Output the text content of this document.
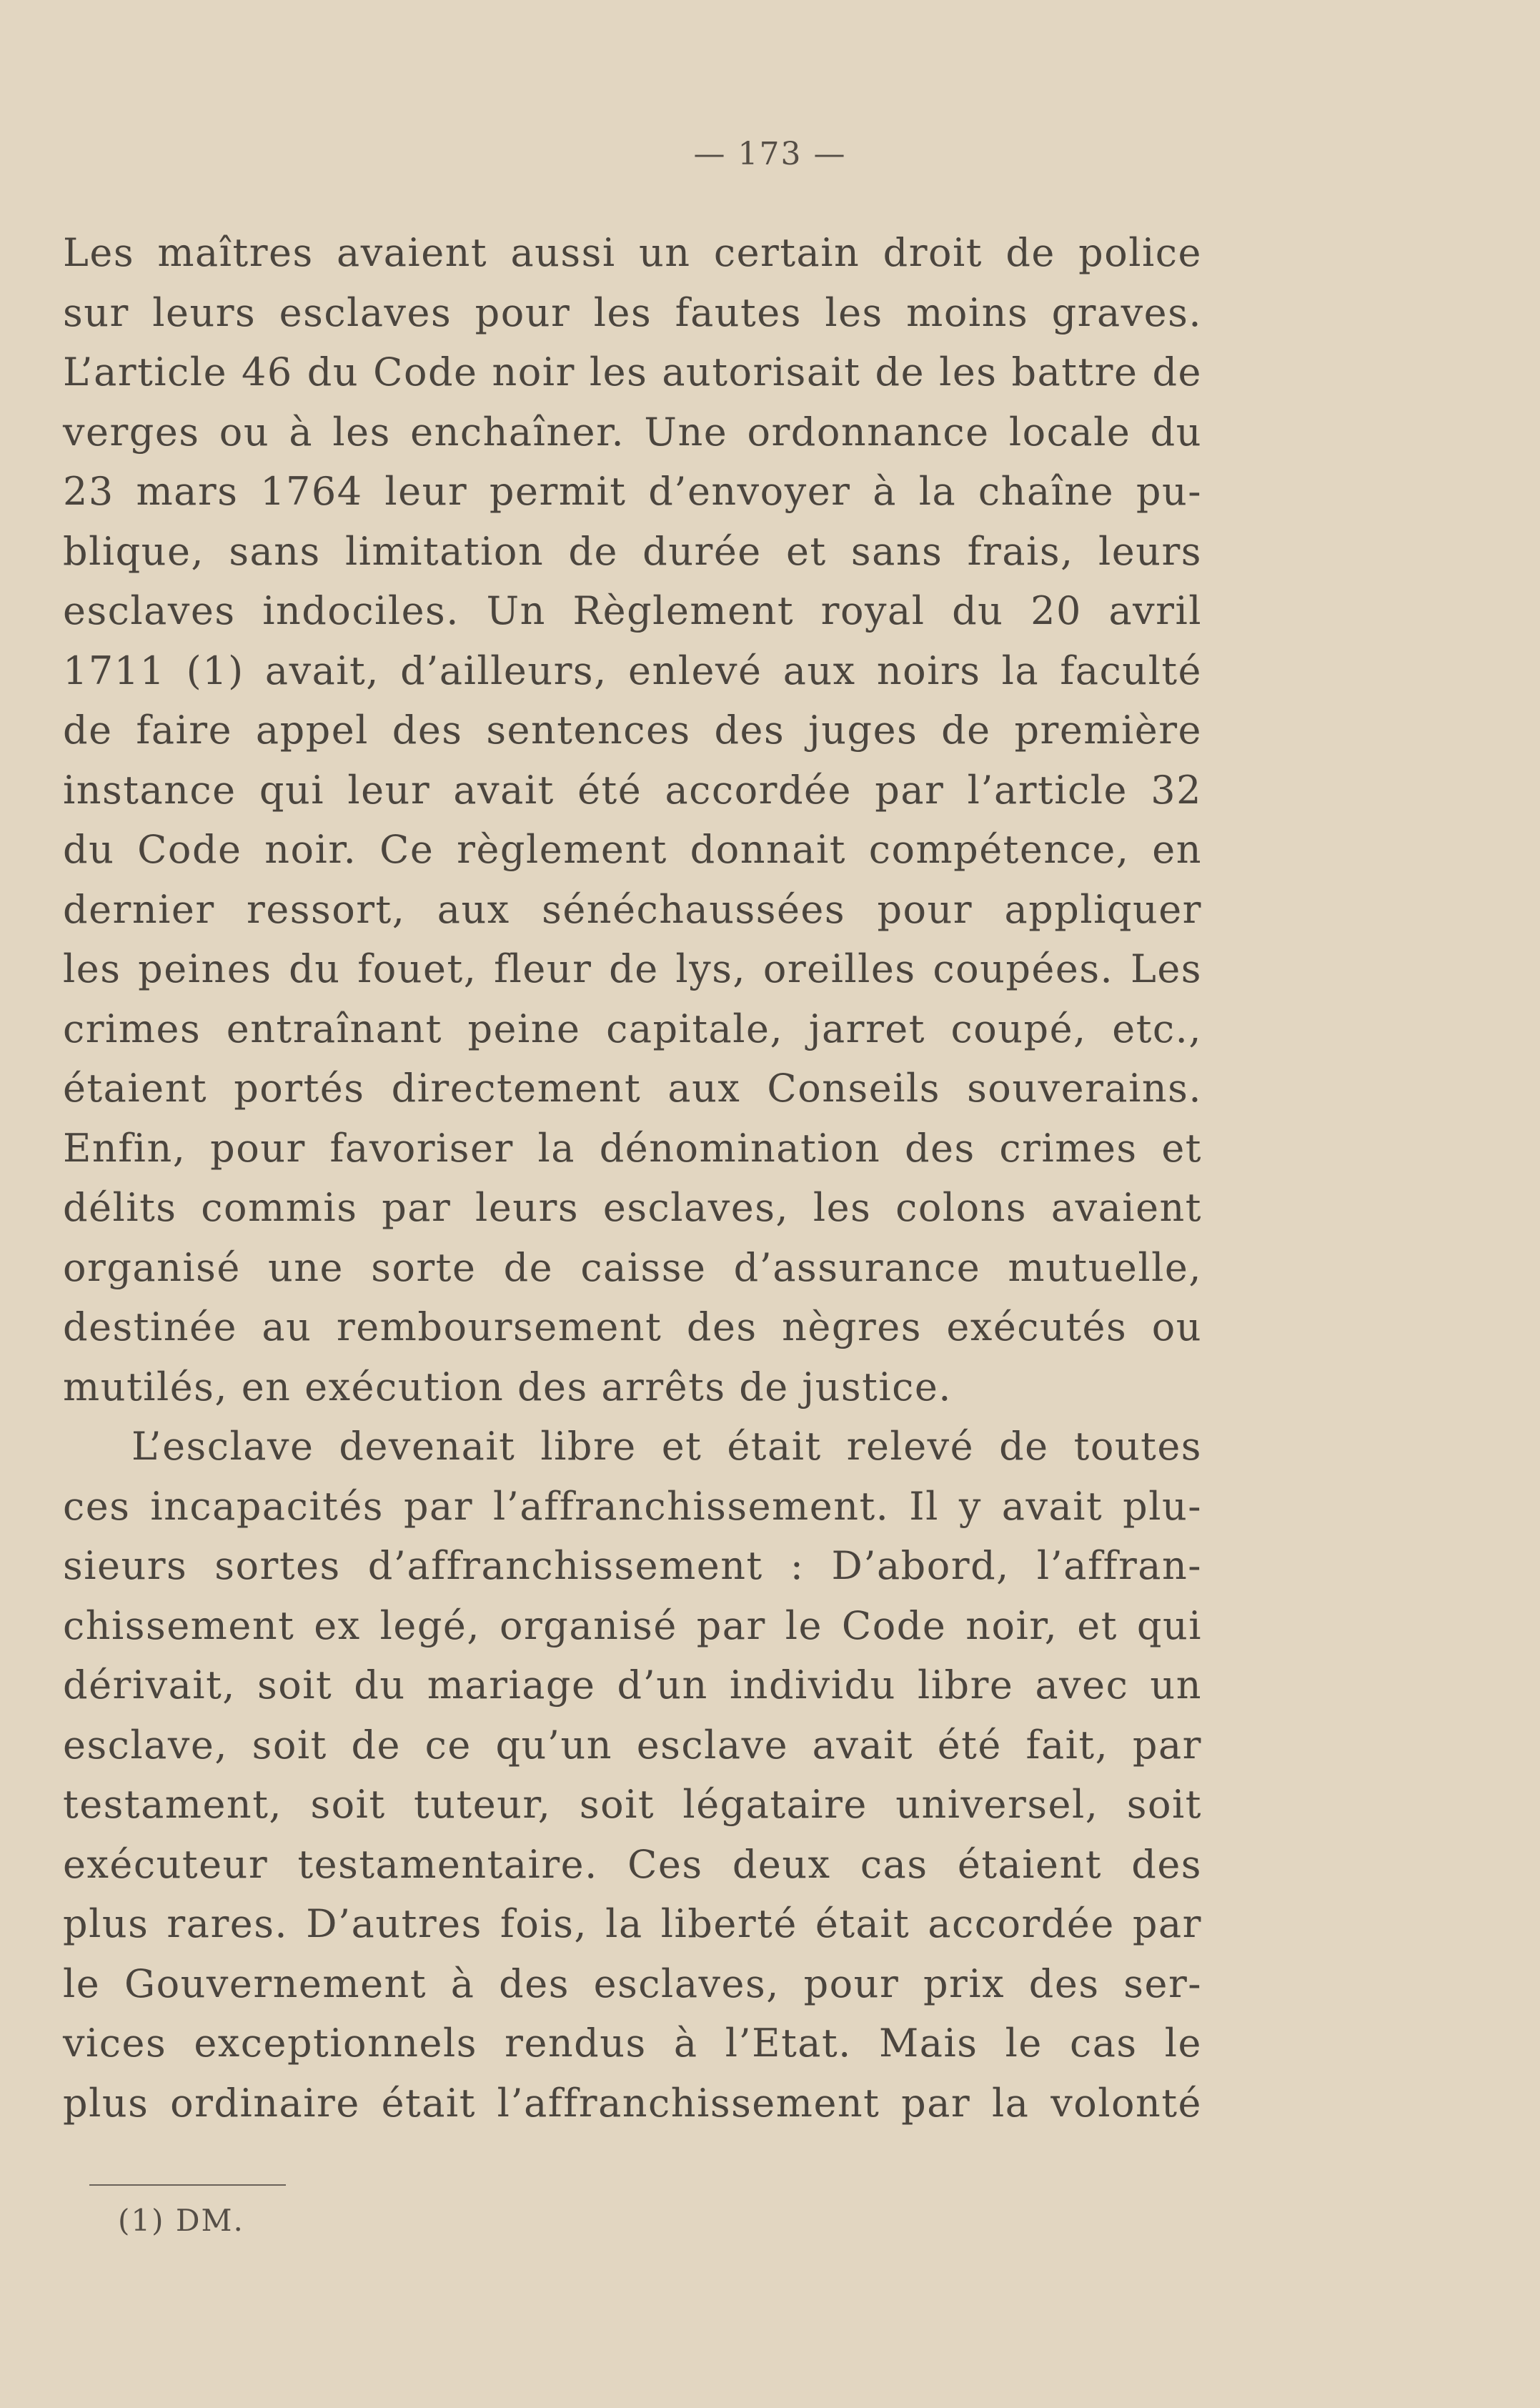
— 173 —
Les maîtres avaient aussi un certain droit de police
sur leurs esclaves pour les fautes les moins graves.
L’article 46 du Code noir les autorisait de les battre de
verges ou à les enchaîner. Une ordonnance locale du
23 mars 1764 leur permit d’envoyer à la chaîne pu-
blique, sans limitation de durée et sans frais, leurs
esclaves indociles. Un Règlement royal du 20 avril
1711 (1) avait, d’ailleurs, enlevé aux noirs la faculté
de faire appel des sentences des juges de première
instance qui leur avait été accordée par l’article 32
du Code noir. Ce règlement donnait compétence, en
dernier ressort, aux sénéchaussées pour appliquer
les peines du fouet, fleur de lys, oreilles coupées. Les
crimes entraînant peine capitale, jarret coupé, etc.,
étaient portés directement aux Conseils souverains.
Enfin, pour favoriser la dénomination des crimes et
délits commis par leurs esclaves, les colons avaient
organisé une sorte de caisse d’assurance mutuelle,
destinée au remboursement des nègres exécutés ou
mutilés, en exécution des arrêts de justice.
L’esclave devenait libre et était relevé de toutes
ces incapacités par l’affranchissement. Il y avait plu-
sieurs sortes d’affranchissement : D’abord, l’affran-
chissement ex legé, organisé par le Code noir, et qui
dérivait, soit du mariage d’un individu libre avec un
esclave, soit de ce qu’un esclave avait été fait, par
testament, soit tuteur, soit légataire universel, soit
exécuteur testamentaire. Ces deux cas étaient des
plus rares. D’autres fois, la liberté était accordée par
le Gouvernement à des esclaves, pour prix des ser-
vices exceptionnels rendus à l’Etat. Mais le cas le
plus ordinaire était l’affranchissement par la volonté
(1) DM.
